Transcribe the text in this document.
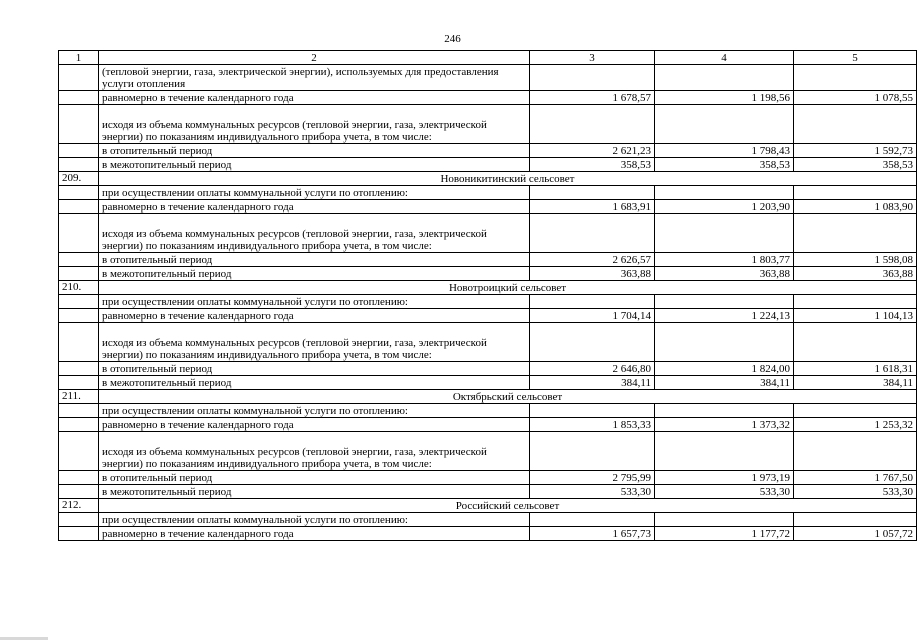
246
1	2	3	4	5
	(тепловой энергии, газа, электрической энергии), используемых для предоставления услуги отопления			
	равномерно в течение календарного года	1 678,57	1 198,56	1 078,55
	исходя из объема коммунальных ресурсов (тепловой энергии, газа, электрической энергии) по показаниям индивидуального прибора учета, в том числе:			
	в отопительный период	2 621,23	1 798,43	1 592,73
	в межотопительный период	358,53	358,53	358,53
209.	Новоникитинский сельсовет			
	при осуществлении оплаты коммунальной услуги по отоплению:			
	равномерно в течение календарного года	1 683,91	1 203,90	1 083,90
	исходя из объема коммунальных ресурсов (тепловой энергии, газа, электрической энергии) по показаниям индивидуального прибора учета, в том числе:			
	в отопительный период	2 626,57	1 803,77	1 598,08
	в межотопительный период	363,88	363,88	363,88
210.	Новотроицкий сельсовет			
	при осуществлении оплаты коммунальной услуги по отоплению:			
	равномерно в течение календарного года	1 704,14	1 224,13	1 104,13
	исходя из объема коммунальных ресурсов (тепловой энергии, газа, электрической энергии) по показаниям индивидуального прибора учета, в том числе:			
	в отопительный период	2 646,80	1 824,00	1 618,31
	в межотопительный период	384,11	384,11	384,11
211.	Октябрьский сельсовет			
	при осуществлении оплаты коммунальной услуги по отоплению:			
	равномерно в течение календарного года	1 853,33	1 373,32	1 253,32
	исходя из объема коммунальных ресурсов (тепловой энергии, газа, электрической энергии) по показаниям индивидуального прибора учета, в том числе:			
	в отопительный период	2 795,99	1 973,19	1 767,50
	в межотопительный период	533,30	533,30	533,30
212.	Российский сельсовет			
	при осуществлении оплаты коммунальной услуги по отоплению:			
	равномерно в течение календарного года	1 657,73	1 177,72	1 057,72
